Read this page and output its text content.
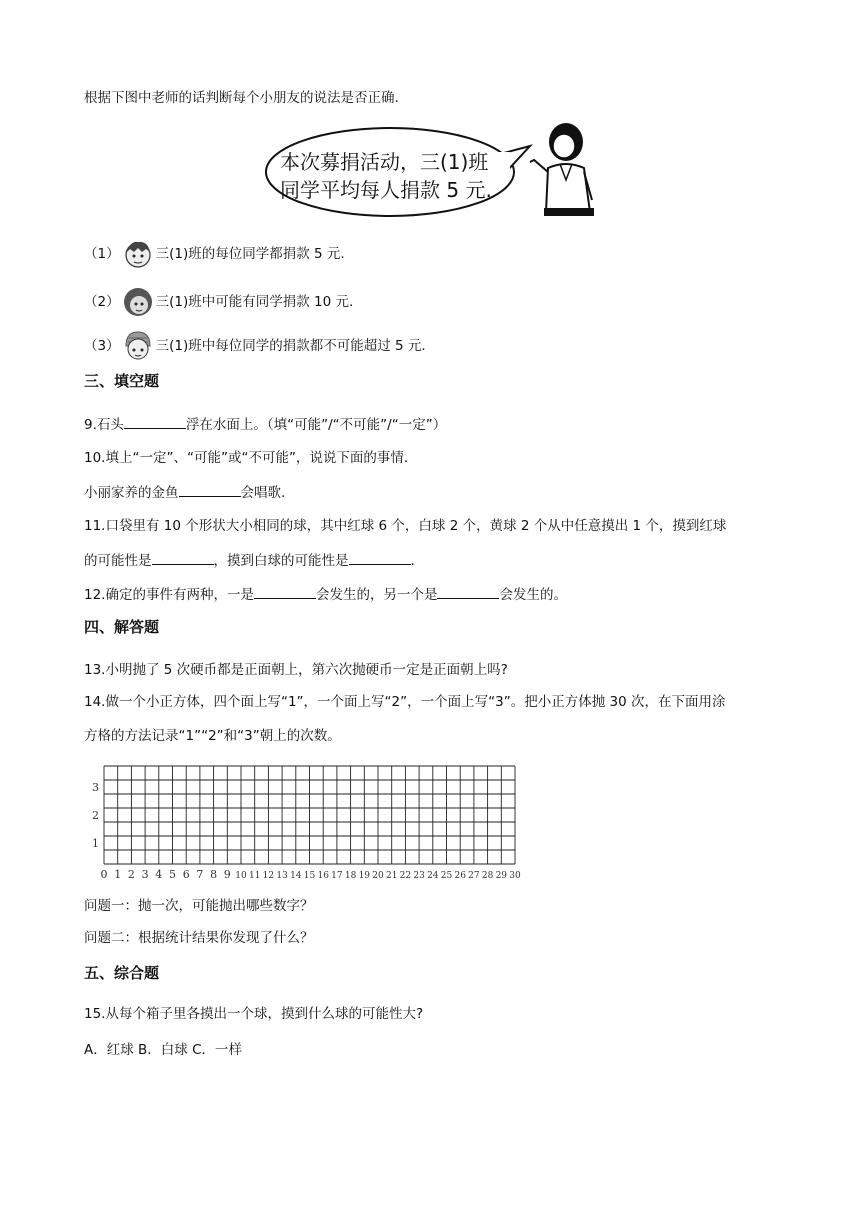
根据下图中老师的话判断每个小朋友的说法是否正确.
本次募捐活动，三(1)班
同学平均每人捐款 5 元.
（1）	三(1)班的每位同学都捐款 5 元.
（2）	三(1)班中可能有同学捐款 10 元.
（3）	三(1)班中每位同学的捐款都不可能超过 5 元.
三、填空题
9.石头	浮在水面上。（填“可能”/“不可能”/“一定”）
10.填上“一定”、“可能”或“不可能”，说说下面的事情.
小丽家养的金鱼	会唱歌.
11.口袋里有 10 个形状大小相同的球，其中红球 6 个，白球 2 个，黄球 2 个从中任意摸出 1 个，摸到红球
的可能性是	，摸到白球的可能性是	.
12.确定的事件有两种，一是	会发生的，另一个是	会发生的。
四、解答题
13.小明抛了 5 次硬币都是正面朝上，第六次抛硬币一定是正面朝上吗?
14.做一个小正方体，四个面上写“1”，一个面上写“2”，一个面上写“3”。把小正方体抛 30 次，在下面用涂
方格的方法记录“1”“2”和“3”朝上的次数。
3
2
1
0 1 2 3 4 5 6 7 8 9 10 11 12 13 14 15 16 17 18 19 20 21 22 23 24 25 26 27 28 29 30
问题一：抛一次，可能抛出哪些数字？
问题二：根据统计结果你发现了什么？
五、综合题
15.从每个箱子里各摸出一个球，摸到什么球的可能性大?
A．红球 B．白球 C．一样
